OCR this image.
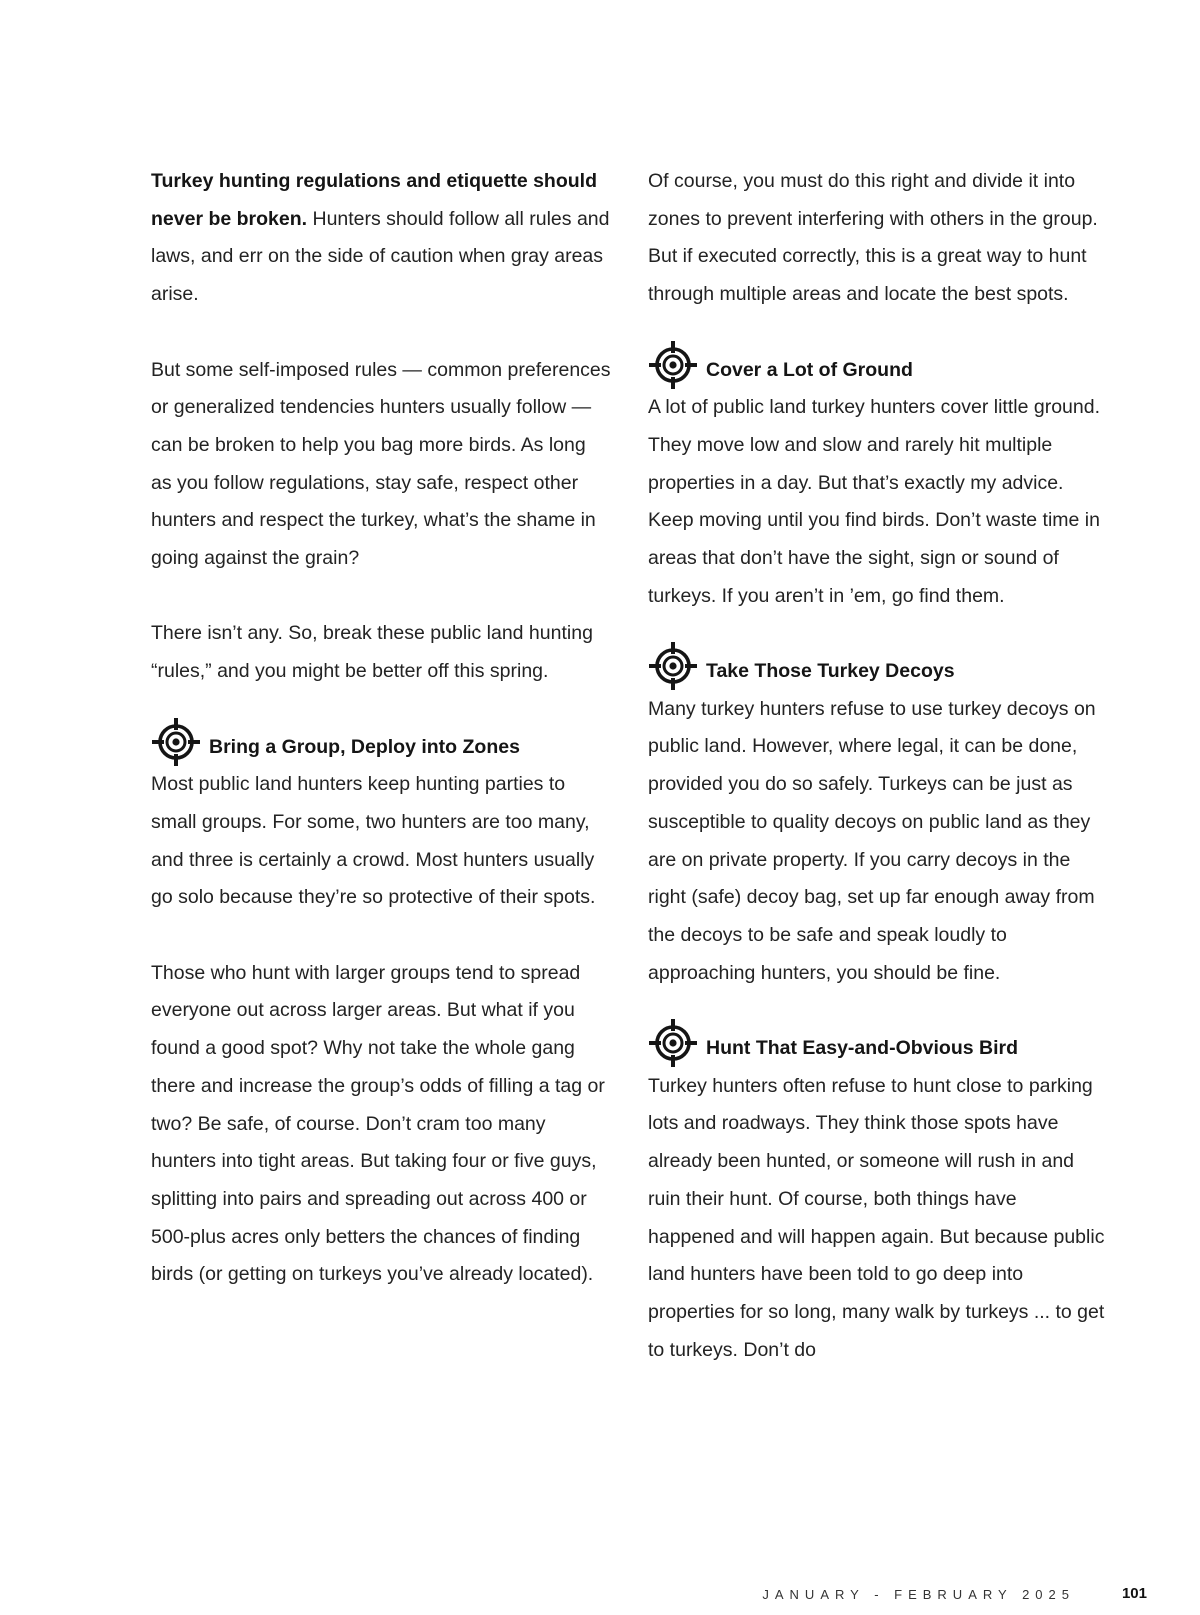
Turkey hunting regulations and etiquette should never be broken. Hunters should follow all rules and laws, and err on the side of caution when gray areas arise.

But some self-imposed rules — common preferences or generalized tendencies hunters usually follow — can be broken to help you bag more birds. As long as you follow regulations, stay safe, respect other hunters and respect the turkey, what’s the shame in going against the grain?

There isn’t any. So, break these public land hunting “rules,” and you might be better off this spring.

Bring a Group, Deploy into Zones

Most public land hunters keep hunting parties to small groups. For some, two hunters are too many, and three is certainly a crowd. Most hunters usually go solo because they’re so protective of their spots.

Those who hunt with larger groups tend to spread everyone out across larger areas. But what if you found a good spot? Why not take the whole gang there and increase the group’s odds of filling a tag or two? Be safe, of course. Don’t cram too many hunters into tight areas. But taking four or five guys, splitting into pairs and spreading out across 400 or 500-plus acres only betters the chances of finding birds (or getting on turkeys you’ve already located).

Of course, you must do this right and divide it into zones to prevent interfering with others in the group. But if executed correctly, this is a great way to hunt through multiple areas and locate the best spots.

Cover a Lot of Ground

A lot of public land turkey hunters cover little ground. They move low and slow and rarely hit multiple properties in a day. But that’s exactly my advice. Keep moving until you find birds. Don’t waste time in areas that don’t have the sight, sign or sound of turkeys. If you aren’t in ’em, go find them.

Take Those Turkey Decoys

Many turkey hunters refuse to use turkey decoys on public land. However, where legal, it can be done, provided you do so safely. Turkeys can be just as susceptible to quality decoys on public land as they are on private property. If you carry decoys in the right (safe) decoy bag, set up far enough away from the decoys to be safe and speak loudly to approaching hunters, you should be fine.

Hunt That Easy-and-Obvious Bird

Turkey hunters often refuse to hunt close to parking lots and roadways. They think those spots have already been hunted, or someone will rush in and ruin their hunt. Of course, both things have happened and will happen again. But because public land hunters have been told to go deep into properties for so long, many walk by turkeys ... to get to turkeys. Don’t do

JANUARY - FEBRUARY 2025	101
